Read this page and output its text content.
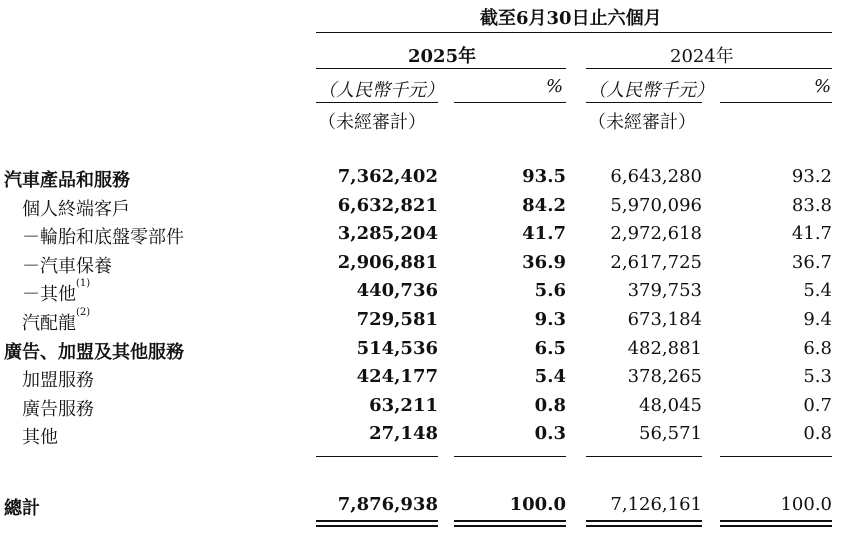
截至6月30日止六個月
2025年	2024年
（人民幣千元）	% （人民幣千元）	%
（未經審計）	（未經審計）
汽車產品和服務	7,362,402	93.5 6,643,280	93.2
個人終端客戶	6,632,821	84.2 5,970,096	83.8
－輪胎和底盤零部件	3,285,204	41.7 2,972,618	41.7
－汽車保養	2,906,881	36.9 2,617,725	36.7
－其他$^{(1)}$	440,736	5.6	379,753	5.4
汽配龍$^{(2)}$	729,581	9.3	673,184	9.4
廣告、加盟及其他服務	514,536	6.5	482,881	6.8
加盟服務	424,177	5.4	378,265	5.3
廣告服務	63,211	0.8	48,045	0.7
其他	27,148	0.3	56,571	0.8
總計	7,876,938	100.0 7,126,161	100.0
